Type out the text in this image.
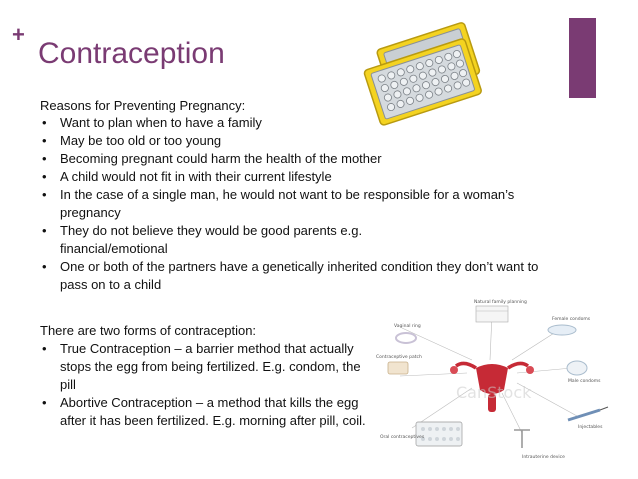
+
Contraception
Reasons for Preventing Pregnancy:
• Want to plan when to have a family
• May be too old or too young
• Becoming pregnant could harm the health of the mother
• A child would not fit in with their current lifestyle
• In the case of a single man, he would not want to be responsible for a woman’s pregnancy
• They do not believe they would be good parents e.g. financial/emotional
• One or both of the partners have a genetically inherited condition they don’t want to pass on to a child
There are two forms of contraception:
• True Contraception – a barrier method that actually stops the egg from being fertilized. E.g. condom, the pill
• Abortive Contraception – a method that kills the egg after it has been fertilized. E.g. morning after pill, coil.
Natural family planning
Vaginal ring
Female condoms
Contraceptive patch
Male condoms
Injectables
Oral contraceptives
Intrauterine device
CanStock
